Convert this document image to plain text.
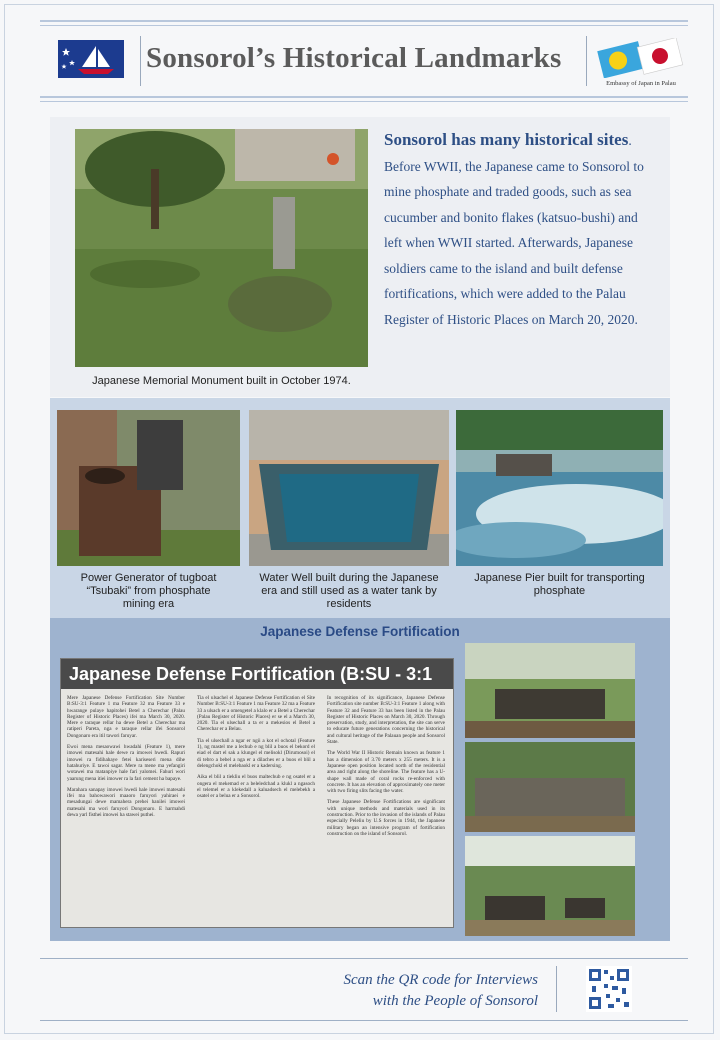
Sonsorol’s Historical Landmarks
Embassy of Japan in Palau
Japanese Memorial Monument built in October 1974.
Sonsorol has many historical sites. Before WWII, the Japanese came to Sonsorol to mine phosphate and traded goods, such as sea cucumber and bonito flakes (katsuo-bushi) and left when WWII started. Afterwards, Japanese soldiers came to the island and built defense fortifications, which were added to the Palau Register of Historic Places on March 20, 2020.
Power Generator of tugboat “Tsubaki” from phosphate mining era
Water Well built during the Japanese era and still used as a water tank by residents
Japanese Pier built for transporting phosphate
Japanese Defense Fortification
Japanese Defense Fortification (B:SU - 3:1

Mere Japanese Defense Fortification Site Number B:SU-3:1 Feature 1 ma Feature 32 ma Feature 33 e hwarange pulaye hapitohei Betel a Cherechar (Palau Register of Historic Places) ifei ma March 30, 2020. Mere e taraque rellar ha dewe Betel a Cherechar ma ratiperi Pareta, nga e taraque rellar ifei Sonsorol Dongonaro era itil tawori faruyar.

Ewoi mena mesaowawi hwadahi (Feature 1), mere imowei matesahi hale dewe ra imowei hwedi. Rapuri imowei ra fidihahaye fetei kariseseri mena dihe hatahuriye. E tawoi sagar. Mere ra mene ma yefangiri wotawei ma matanpiye hale fari yalomei. Fahuri wori yaarung mena itiei imower ra la fari cement ha bapaye.

Marahara sanapay imowei hwedi hale imowei matesahi ifei ma bahowawori maaoro faruyori yahiraei e mesadungai dewe mamahera prehei hanilei imowei matesahi ma wori faruyori Dongonaro. E harmahdi dewa yarl fisthei imowei ha stawei puthei.

Tia el ulsachel el Japanese Defense Fortification el Site Number B:SU-3:1 Feature 1 ma Feature 32 ma a Feature 33 a ulsach er a omengetel a klalo er a Betel a Cherechar (Palau Register of Historic Places) er se el a March 30, 2020. Tia el ulsechall a ta er a mekesios el Betel a Cherechar er a Belau.

Tia el ulsechall a ngar er ngii a kot el ochotal (Feature 1), ng mastel me a lechub e ng blil a buos el bekord el eiad el dart el sak a klungel el melisokl (Dirumosoi) el di tebro a bebel a nga er a dilaches er a buos el blil a delengchokl el melebaokl er a kadersing.

Aika el blil a tiekliu el buos maltechub e ng osatel er a ongera el mekemad er a beleledchad a klukl a ngasoch el telemel er a klekedall a kaluadsech el melebekh a osatel er a belua er a Sonsorol.

In recognition of its significance, Japanese Defense Fortification site number B:SU-3:1 Feature 1 along with Feature 32 and Feature 33 has been listed in the Palau Register of Historic Places on March 30, 2020. Through preservation, study, and interpretation, the site can serve to educate future generations concerning the historical and cultural heritage of the Palauan people and Sonsorol State.

The World War II Historic Remain known as feature 1 has a dimension of 3.70 meters x 255 meters. It is a Japanese open position located north of the residential area and right along the shoreline. The feature has a U-shape wall made of coral rocks re-enforced with concrete. It has an elevation of approximately one meter with two firing slits facing the water.

These Japanese Defense Fortifications are significant with unique methods and materials used in its construction. Prior to the invasion of the islands of Palau especially Peleliu by U.S forces in 1944, the Japanese military began an intensive program of fortification construction on the island of Sonsorol.

Scan the QR code for Interviews
with the People of Sonsorol
